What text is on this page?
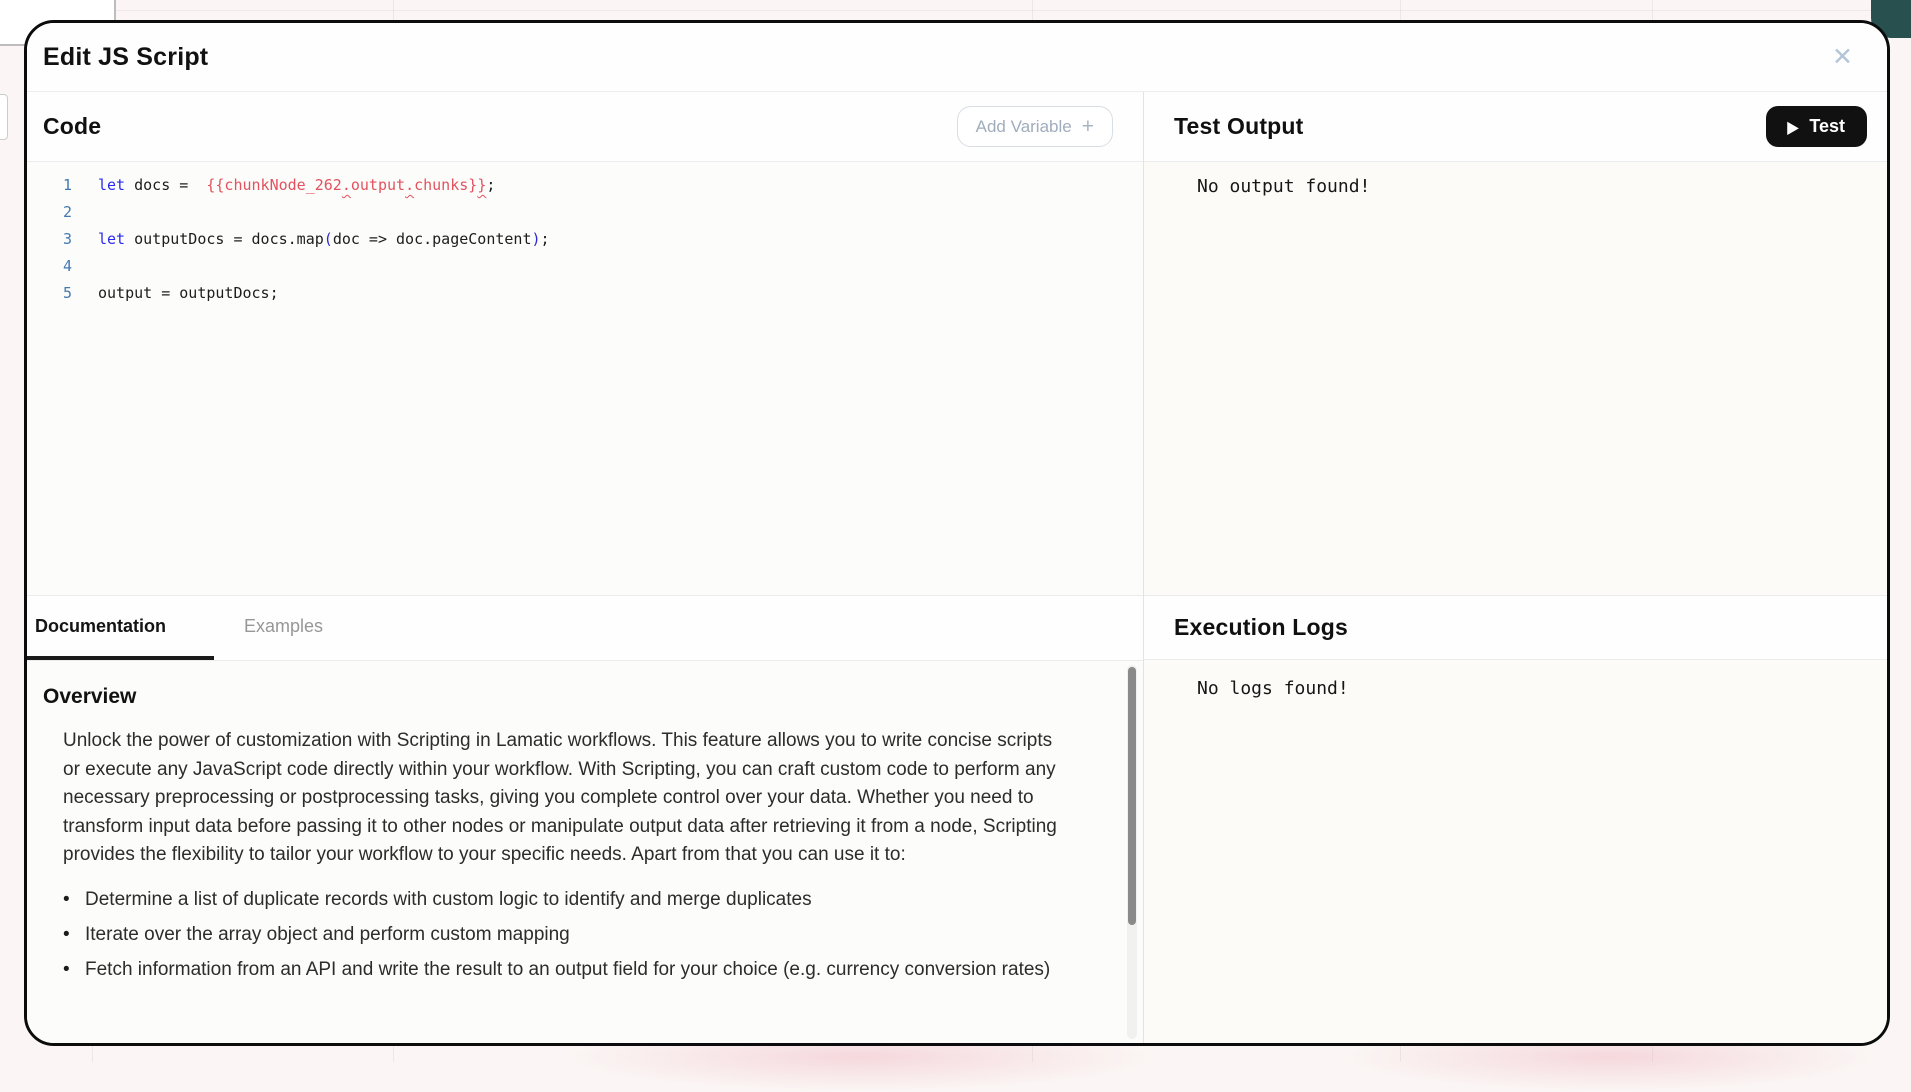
Edit JS Script	✕
Code	Add Variable +
1 let docs =  {{chunkNode_262.output.chunks}};
2
3 let outputDocs = docs.map(doc => doc.pageContent);
4
5 output = outputDocs;
Documentation	Examples
Overview

Unlock the power of customization with Scripting in Lamatic workflows. This feature allows you to write concise scripts or execute any JavaScript code directly within your workflow. With Scripting, you can craft custom code to perform any necessary preprocessing or postprocessing tasks, giving you complete control over your data. Whether you need to transform input data before passing it to other nodes or manipulate output data after retrieving it from a node, Scripting provides the flexibility to tailor your workflow to your specific needs. Apart from that you can use it to:

• Determine a list of duplicate records with custom logic to identify and merge duplicates
• Iterate over the array object and perform custom mapping
• Fetch information from an API and write the result to an output field for your choice (e.g. currency conversion rates)
Test Output	▶ Test
No output found!
Execution Logs
No logs found!
